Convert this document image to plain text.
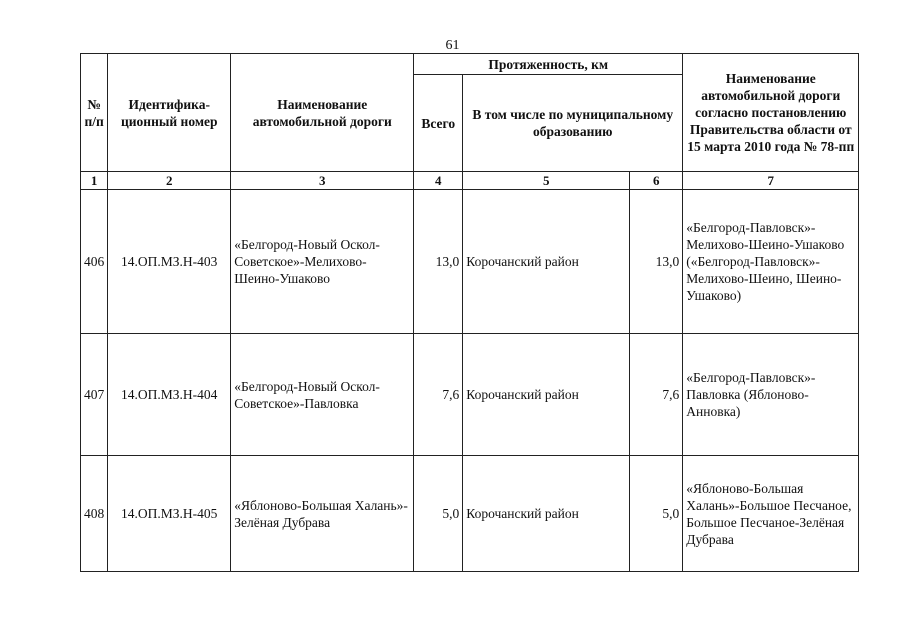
61
№ п/п	Идентифика-ционный номер	Наименование автомобильной дороги	Протяженность, км			Наименование автомобильной дороги согласно постановлению Правительства области от 15 марта 2010 года № 78-пп
			Всего	В том числе по муниципальному образованию		
1	2	3	4	5	6	7
406	14.ОП.МЗ.Н-403	«Белгород-Новый Оскол-Советское»-Мелихово-Шеино-Ушаково	13,0	Корочанский район	13,0	«Белгород-Павловск»-Мелихово-Шеино-Ушаково («Белгород-Павловск»-Мелихово-Шеино, Шеино-Ушаково)
407	14.ОП.МЗ.Н-404	«Белгород-Новый Оскол-Советское»-Павловка	7,6	Корочанский район	7,6	«Белгород-Павловск»-Павловка (Яблоново-Анновка)
408	14.ОП.МЗ.Н-405	«Яблоново-Большая Халань»-Зелёная Дубрава	5,0	Корочанский район	5,0	«Яблоново-Большая Халань»-Большое Песчаное, Большое Песчаное-Зелёная Дубрава
